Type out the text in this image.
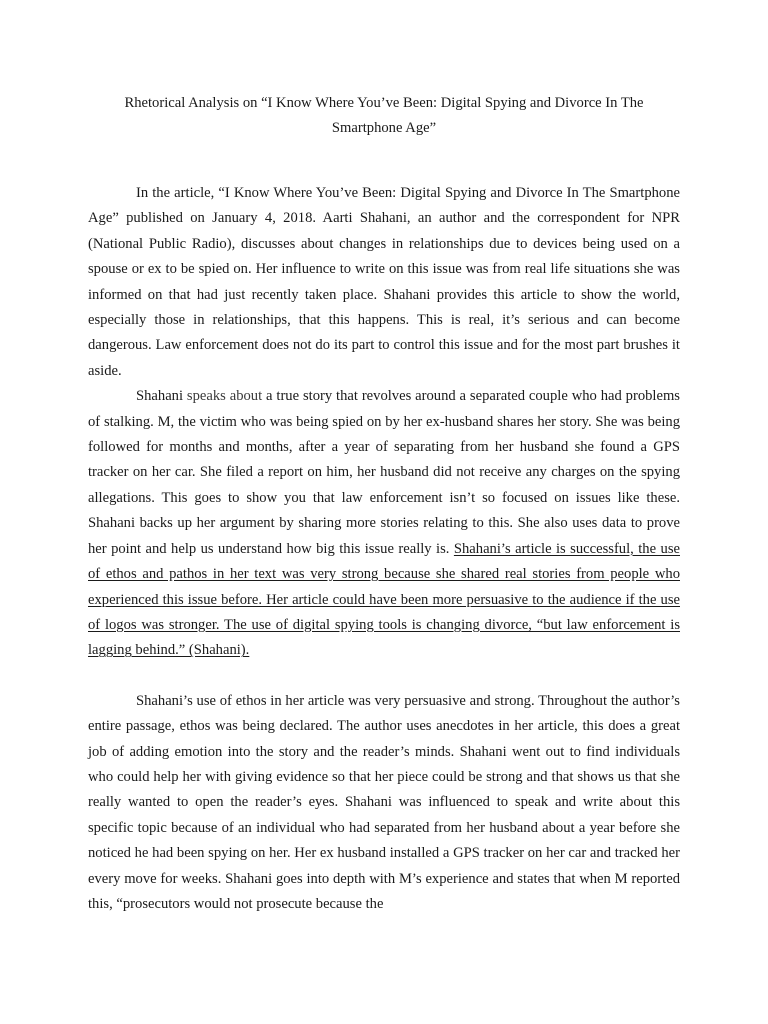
Rhetorical Analysis on “I Know Where You’ve Been: Digital Spying and Divorce In The Smartphone Age”

In the article, “I Know Where You’ve Been: Digital Spying and Divorce In The Smartphone Age” published on January 4, 2018. Aarti Shahani, an author and the correspondent for NPR (National Public Radio), discusses about changes in relationships due to devices being used on a spouse or ex to be spied on. Her influence to write on this issue was from real life situations she was informed on that had just recently taken place. Shahani provides this article to show the world, especially those in relationships, that this happens. This is real, it’s serious and can become dangerous. Law enforcement does not do its part to control this issue and for the most part brushes it aside.

Shahani speaks about a true story that revolves around a separated couple who had problems of stalking. M, the victim who was being spied on by her ex-husband shares her story. She was being followed for months and months, after a year of separating from her husband she found a GPS tracker on her car. She filed a report on him, her husband did not receive any charges on the spying allegations. This goes to show you that law enforcement isn’t so focused on issues like these. Shahani backs up her argument by sharing more stories relating to this. She also uses data to prove her point and help us understand how big this issue really is. Shahani’s article is successful, the use of ethos and pathos in her text was very strong because she shared real stories from people who experienced this issue before. Her article could have been more persuasive to the audience if the use of logos was stronger. The use of digital spying tools is changing divorce, “but law enforcement is lagging behind.” (Shahani).

Shahani’s use of ethos in her article was very persuasive and strong. Throughout the author’s entire passage, ethos was being declared. The author uses anecdotes in her article, this does a great job of adding emotion into the story and the reader’s minds. Shahani went out to find individuals who could help her with giving evidence so that her piece could be strong and that shows us that she really wanted to open the reader’s eyes. Shahani was influenced to speak and write about this specific topic because of an individual who had separated from her husband about a year before she noticed he had been spying on her. Her ex husband installed a GPS tracker on her car and tracked her every move for weeks. Shahani goes into depth with M’s experience and states that when M reported this, “prosecutors would not prosecute because the
